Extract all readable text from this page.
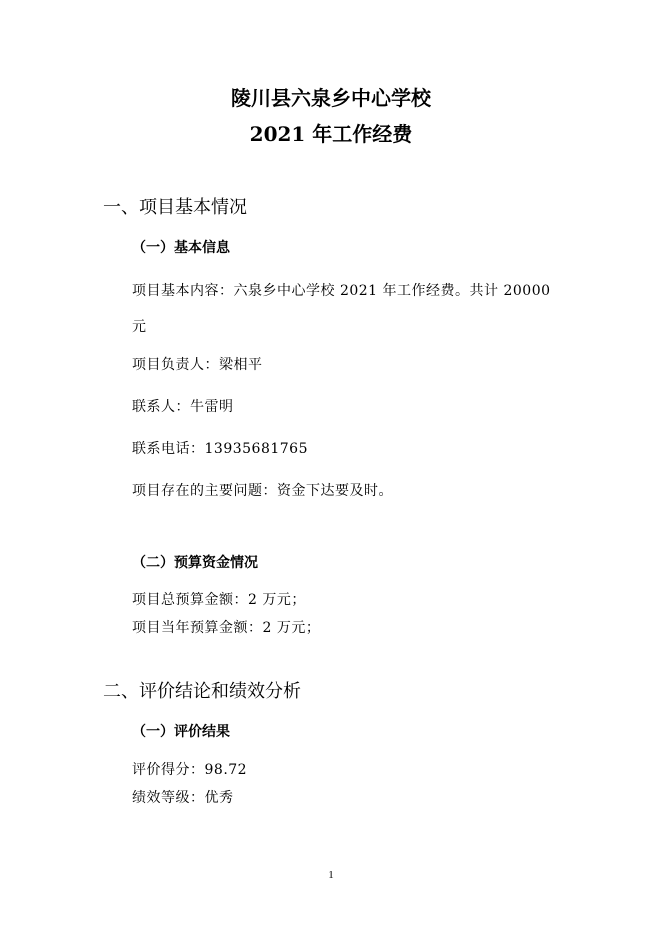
陵川县六泉乡中心学校
2021 年工作经费
一、项目基本情况
（一）基本信息
项目基本内容：六泉乡中心学校 2021 年工作经费。共计 20000
元
项目负责人：梁相平
联系人：牛雷明
联系电话：13935681765
项目存在的主要问题：资金下达要及时。
（二）预算资金情况
项目总预算金额：2 万元；
项目当年预算金额：2 万元；
二、评价结论和绩效分析
（一）评价结果
评价得分：98.72
绩效等级：优秀
1
